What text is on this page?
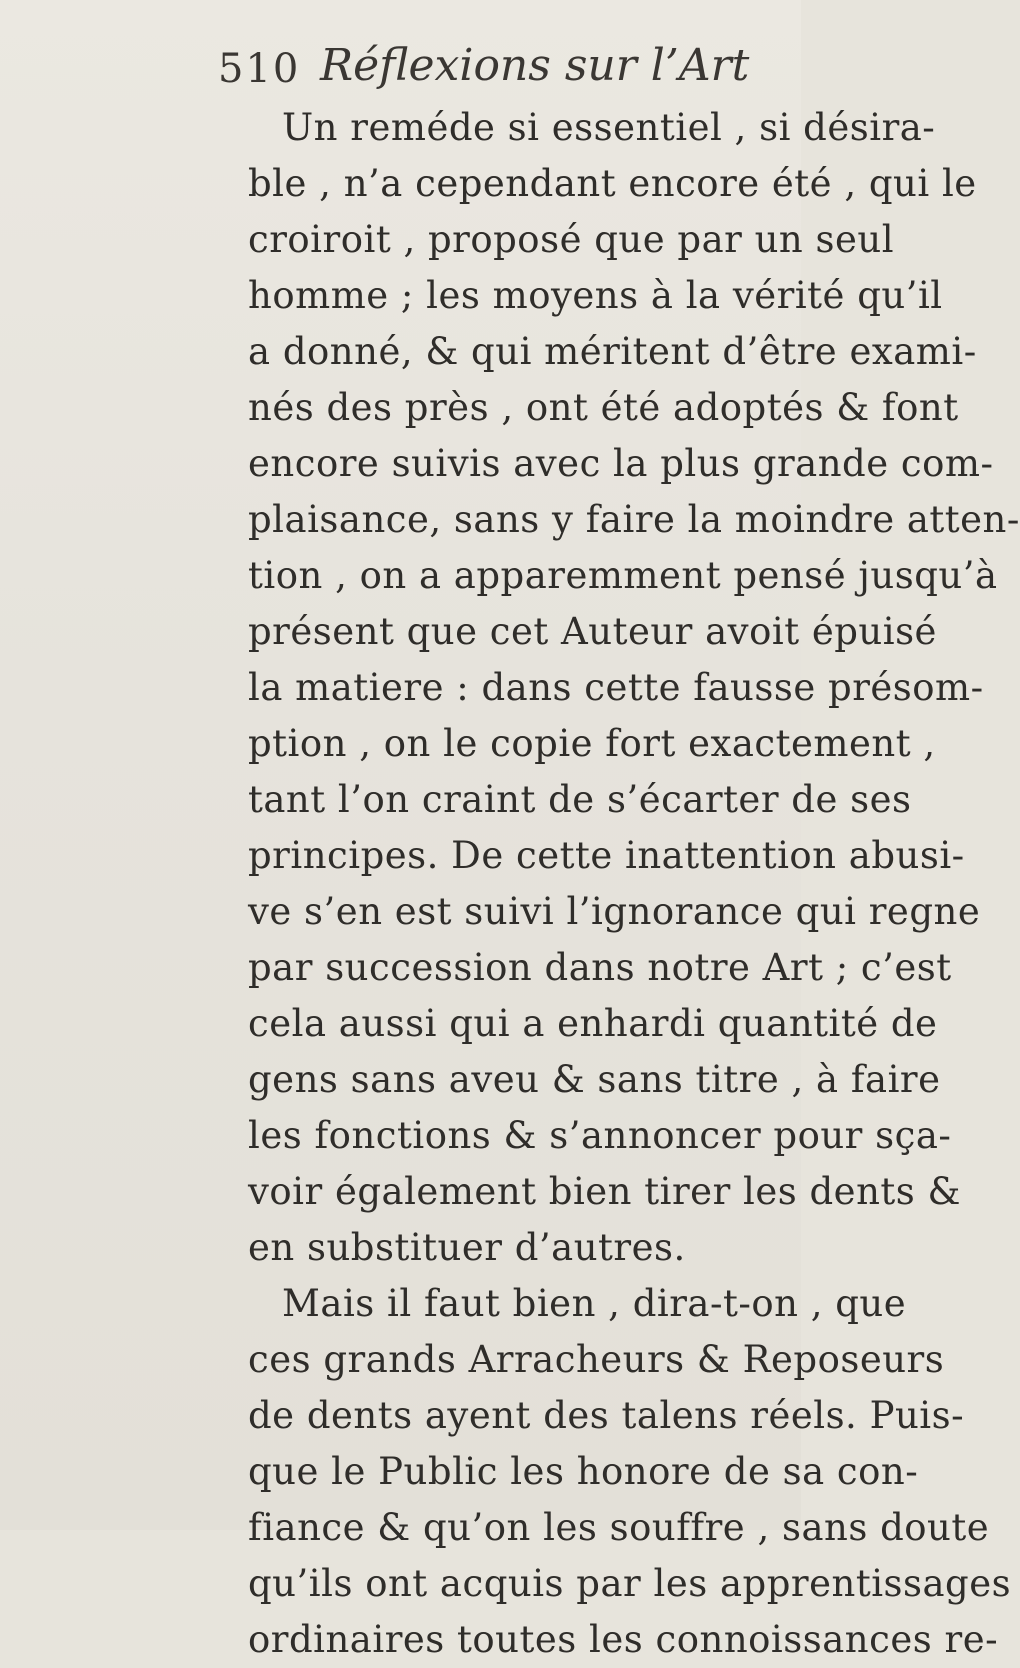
510 Réflexions sur l’Art
Un reméde si essentiel , si désira-
ble , n’a cependant encore été , qui le
croiroit , proposé que par un seul
homme ; les moyens à la vérité qu’il
a donné, & qui méritent d’être exami-
nés des près , ont été adoptés & font
encore suivis avec la plus grande com-
plaisance, sans y faire la moindre atten-
tion , on a apparemment pensé jusqu’à
présent que cet Auteur avoit épuisé
la matiere : dans cette fausse présom-
ption , on le copie fort exactement ,
tant l’on craint de s’écarter de ses
principes. De cette inattention abusi-
ve s’en est suivi l’ignorance qui regne
par succession dans notre Art ; c’est
cela aussi qui a enhardi quantité de
gens sans aveu & sans titre , à faire
les fonctions & s’annoncer pour sça-
voir également bien tirer les dents &
en substituer d’autres.
Mais il faut bien , dira-t-on , que
ces grands Arracheurs & Reposeurs
de dents ayent des talens réels. Puis-
que le Public les honore de sa con-
fiance & qu’on les souffre , sans doute
qu’ils ont acquis par les apprentissages
ordinaires toutes les connoissances re-
